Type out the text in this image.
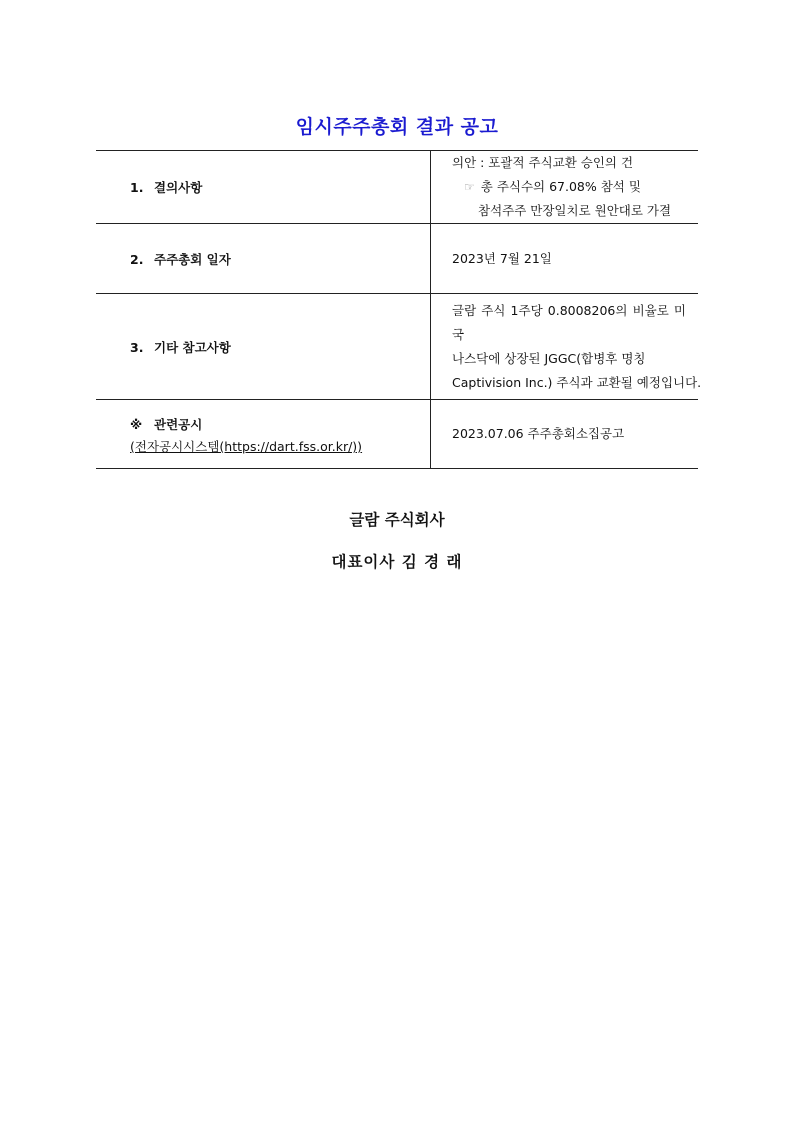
임시주주총회 결과 공고
1. 결의사항	의안 : 포괄적 주식교환 승인의 건
☞ 총 주식수의 67.08% 참석 및
참석주주 만장일치로 원안대로 가결

2. 주주총회 일자	2023년 7월 21일
3. 기타 참고사항	글람 주식 1주당 0.8008206의 비율로 미국
나스닥에 상장된 JGGC(합병후 명칭
Captivision Inc.) 주식과 교환될 예정입니다.

※ 관련공시
(전자공시시스템(https://dart.fss.or.kr/))	2023.07.06 주주총회소집공고
글람 주식회사
대표이사 김 경 래
